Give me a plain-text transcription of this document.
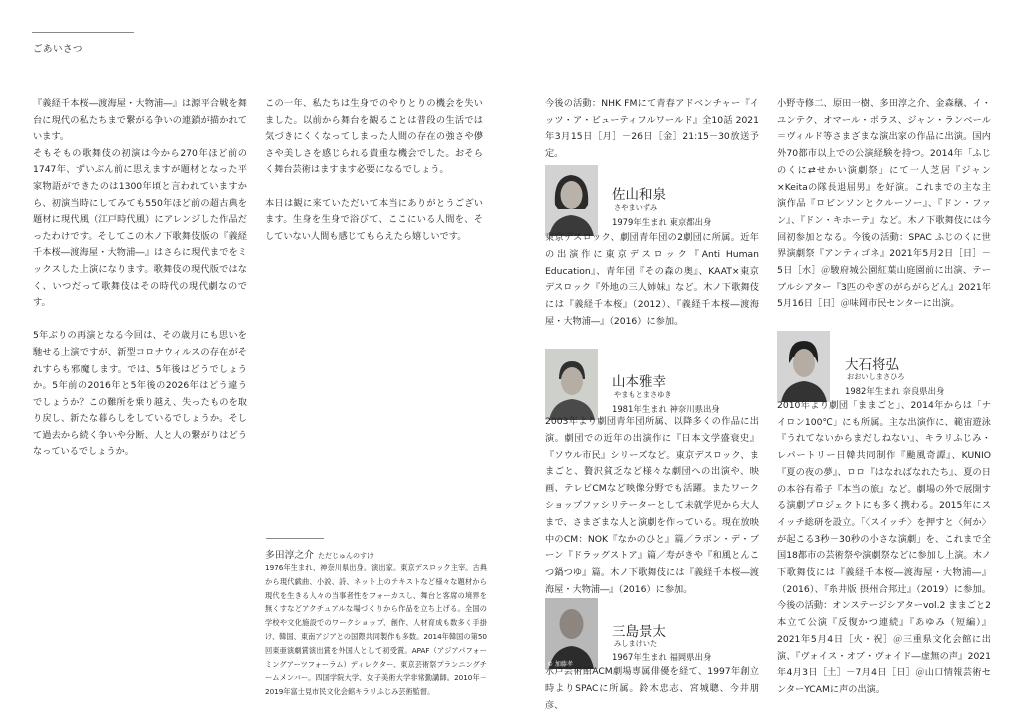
ごあいさつ

『義経千本桜―渡海屋・大物浦―』は源平合戦を舞台に現代の私たちまで繋がる争いの連鎖が描かれています。

そもそもの歌舞伎の初演は今から270年ほど前の1747年、ずいぶん前に思えますが題材となった平家物語ができたのは1300年頃と言われていますから、初演当時にしてみても550年ほど前の超古典を題材に現代風（江戸時代風）にアレンジした作品だったわけです。そしてこの木ノ下歌舞伎版の『義経千本桜―渡海屋・大物浦―』はさらに現代までをミックスした上演になります。歌舞伎の現代版ではなく、いつだって歌舞伎はその時代の現代劇なのです。

5年ぶりの再演となる今回は、その歳月にも思いを馳せる上演ですが、新型コロナウィルスの存在がそれすらも邪魔します。では、5年後はどうでしょうか。5年前の2016年と5年後の2026年はどう違うでしょうか？この難所を乗り越え、失ったものを取り戻し、新たな暮らしをしているでしょうか。そして過去から続く争いや分断、人と人の繋がりはどうなっているでしょうか。

この一年、私たちは生身でのやりとりの機会を失いました。以前から舞台を観ることは普段の生活では気づきにくくなってしまった人間の存在の強さや儚さや美しさを感じられる貴重な機会でした。おそらく舞台芸術はますます必要になるでしょう。

本日は観に来ていただいて本当にありがとうございます。生身を生身で浴びて、ここにいる人間を、そしていない人間も感じてもらえたら嬉しいです。

多田淳之介 ただじゅんのすけ

1976年生まれ、神奈川県出身。演出家。東京デスロック主宰。古典から現代戯曲、小説、詩、ネット上のテキストなど様々な題材から現代を生きる人々の当事者性をフォーカスし、舞台と客席の境界を無くすなどアクチュアルな場づくりから作品を立ち上げる。全国の学校や文化施設でのワークショップ、創作、人材育成も数多く手掛け、韓国、東南アジアとの国際共同製作も多数。2014年韓国の第50回東亜演劇賞演出賞を外国人として初受賞。APAF（アジアパフォーミングアーツフォーラム）ディレクター、東京芸術祭プランニングチームメンバー。四国学院大学、女子美術大学非常勤講師。2010年－2019年富士見市民文化会館キラリふじみ芸術監督。

今後の活動：NHK FMにて青春アドベンチャー『イッツ・ア・ビューティフルワールド』全10話 2021年3月15日［月］－26日［金］21:15－30放送予定。

佐山和泉
さやまいずみ
1979年生まれ 東京都出身

東京デスロック、劇団青年団の2劇団に所属。近年の出演作に東京デスロック『Anti Human Education』、青年団『その森の奥』、KAAT×東京デスロック『外地の三人姉妹』など。木ノ下歌舞伎には『義経千本桜』（2012）、『義経千本桜―渡海屋・大物浦―』（2016）に参加。

山本雅幸
やまもとまさゆき
1981年生まれ 神奈川県出身

2003年より劇団青年団所属、以降多くの作品に出演。劇団での近年の出演作に『日本文学盛衰史』『ソウル市民』シリーズなど。東京デスロック、ままごと、贅沢貧乏など様々な劇団への出演や、映画、テレビCMなど映像分野でも活躍。またワークショップファシリテーターとして未就学児から大人まで、さまざまな人と演劇を作っている。現在放映中のCM：NOK『なかのひと』篇／ラボン・デ・ブーン『ドラッグストア』篇／寿がきや『和風とんこつ鍋つゆ』篇。木ノ下歌舞伎には『義経千本桜―渡海屋・大物浦―』（2016）に参加。

© 加藤孝
三島景太
みしまけいた
1967年生まれ 福岡県出身

水戸芸術館ACM劇場専属俳優を経て、1997年創立時よりSPACに所属。鈴木忠志、宮城聰、今井朋彦、

小野寺修二、原田一樹、多田淳之介、金森穣、イ・ユンテク、オマール・ポラス、ジャン・ランベール＝ヴィルド等さまざまな演出家の作品に出演。国内外70都市以上での公演経験を持つ。2014年「ふじのくに⇄せかい演劇祭」にて一人芝居『ジャン×Keitaの隊長退屈男』を好演。これまでの主な主演作品『ロビンソンとクルーソー』、『ドン・ファン』、『ドン・キホーテ』など。木ノ下歌舞伎には今回初参加となる。今後の活動：SPAC ふじのくに世界演劇祭『アンティゴネ』2021年5月2日［日］－5日［水］＠駿府城公園紅葉山庭園前に出演、テーブルシアター『3匹のやぎのがらがらどん』2021年5月16日［日］＠味岡市民センターに出演。

大石将弘
おおいしまさひろ
1982年生まれ 奈良県出身

2010年より劇団「ままごと」、2014年からは「ナイロン100℃」にも所属。主な出演作に、範宙遊泳『うれてないからまだしねない』、キラリふじみ・レパートリー日韓共同制作『颱風奇譚』、KUNIO『夏の夜の夢』、ロロ『はなればなれたち』、夏の日の本谷有希子『本当の旅』など。劇場の外で展開する演劇プロジェクトにも多く携わる。2015年にスイッチ総研を設立。「〈スイッチ〉を押すと〈何か〉が起こる3秒－30秒の小さな演劇」を、これまで全国18都市の芸術祭や演劇祭などに参加し上演。木ノ下歌舞伎には『義経千本桜―渡海屋・大物浦―』（2016）、『糸井版 摂州合邦辻』（2019）に参加。今後の活動：オンステージシアターvol.2 ままごと2本立て公演『反復かつ連続』『あゆみ（短編）』2021年5月4日［火・祝］＠三重県文化会館に出演、『ヴォイス・オブ・ヴォイド―虚無の声』2021年4月3日［土］－7月4日［日］＠山口情報芸術センターYCAMに声の出演。
